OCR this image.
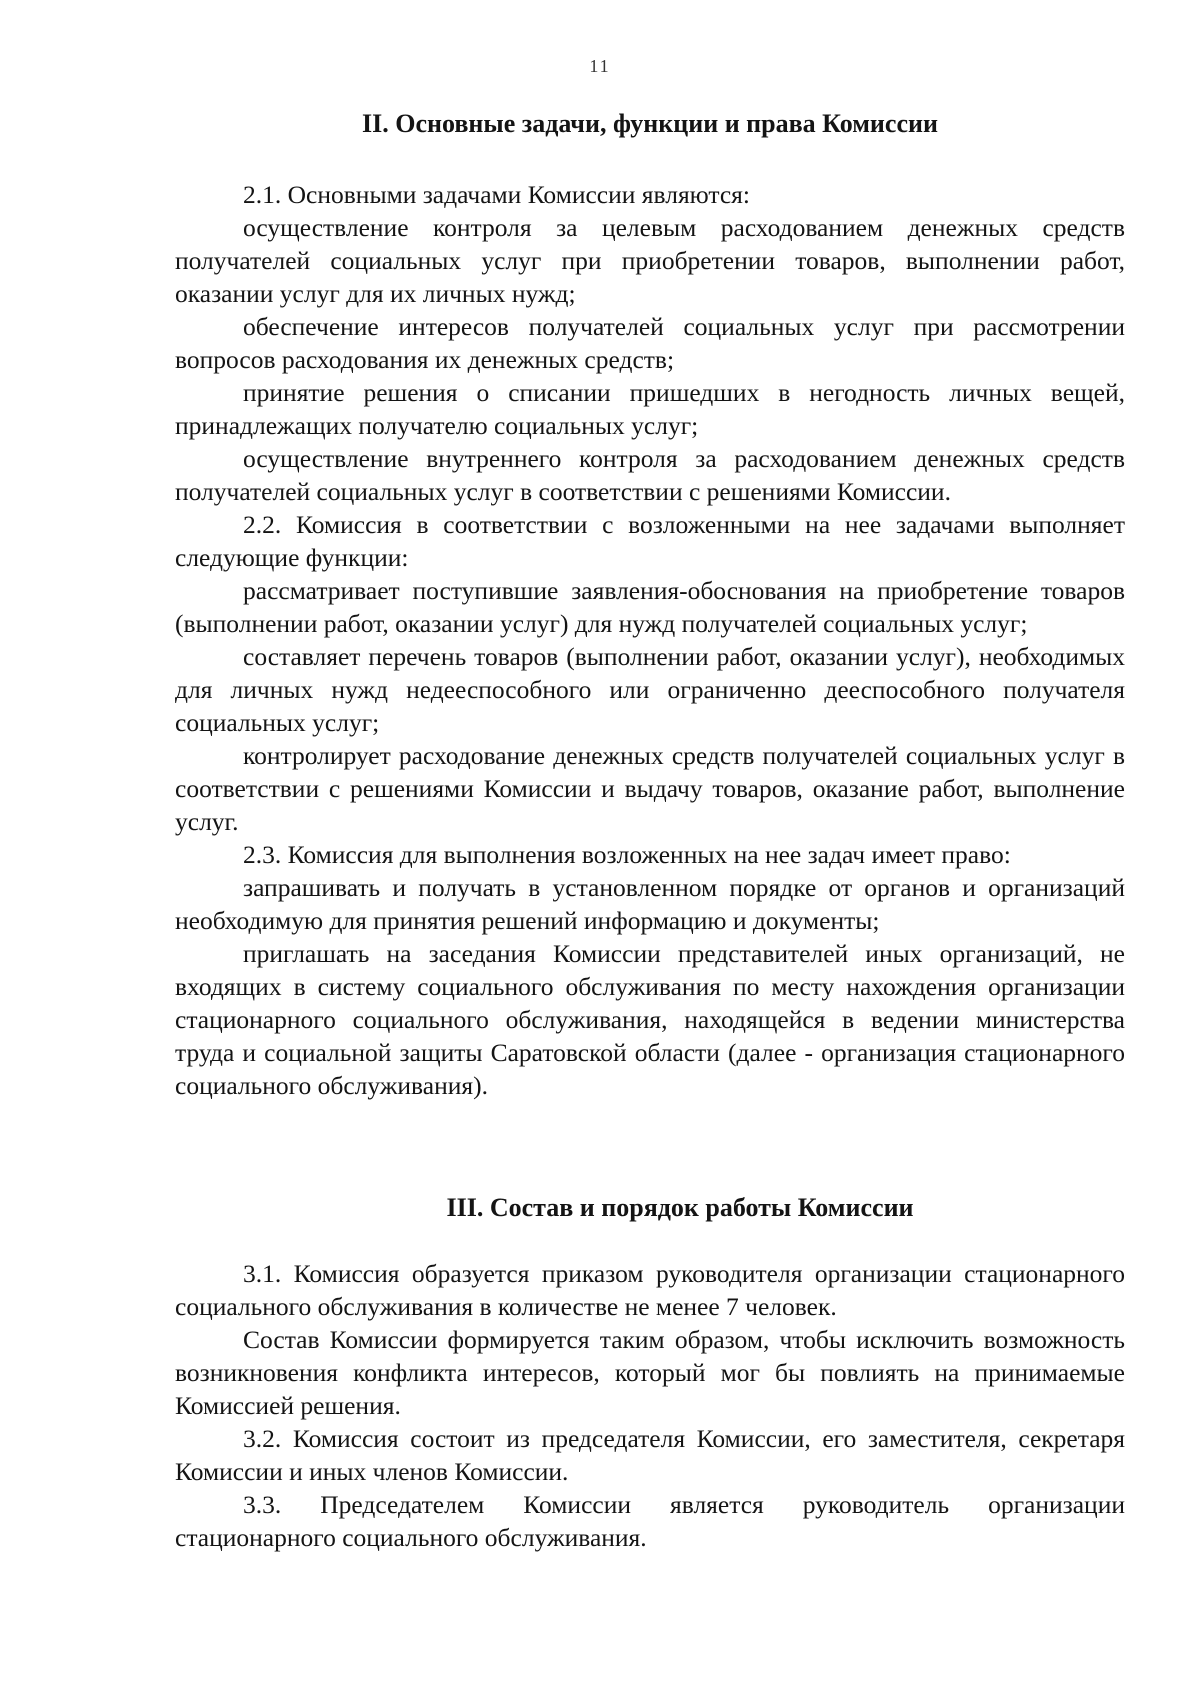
11
II. Основные задачи, функции и права Комиссии

2.1. Основными задачами Комиссии являются:

осуществление контроля за целевым расходованием денежных средств получателей социальных услуг при приобретении товаров, выполнении работ, оказании услуг для их личных нужд;

обеспечение интересов получателей социальных услуг при рассмотрении вопросов расходования их денежных средств;

принятие решения о списании пришедших в негодность личных вещей, принадлежащих получателю социальных услуг;

осуществление внутреннего контроля за расходованием денежных средств получателей социальных услуг в соответствии с решениями Комиссии.

2.2. Комиссия в соответствии с возложенными на нее задачами выполняет следующие функции:

рассматривает поступившие заявления-обоснования на приобретение товаров (выполнении работ, оказании услуг) для нужд получателей социальных услуг;

составляет перечень товаров (выполнении работ, оказании услуг), необходимых для личных нужд недееспособного или ограниченно дееспособного получателя социальных услуг;

контролирует расходование денежных средств получателей социальных услуг в соответствии с решениями Комиссии и выдачу товаров, оказание работ, выполнение услуг.

2.3. Комиссия для выполнения возложенных на нее задач имеет право:

запрашивать и получать в установленном порядке от органов и организаций необходимую для принятия решений информацию и документы;

приглашать на заседания Комиссии представителей иных организаций, не входящих в систему социального обслуживания по месту нахождения организации стационарного социального обслуживания, находящейся в ведении министерства труда и социальной защиты Саратовской области (далее - организация стационарного социального обслуживания).

III. Состав и порядок работы Комиссии

3.1. Комиссия образуется приказом руководителя организации стационарного социального обслуживания в количестве не менее 7 человек.

Состав Комиссии формируется таким образом, чтобы исключить возможность возникновения конфликта интересов, который мог бы повлиять на принимаемые Комиссией решения.

3.2. Комиссия состоит из председателя Комиссии, его заместителя, секретаря Комиссии и иных членов Комиссии.

3.3. Председателем Комиссии является руководитель организации стационарного социального обслуживания.
